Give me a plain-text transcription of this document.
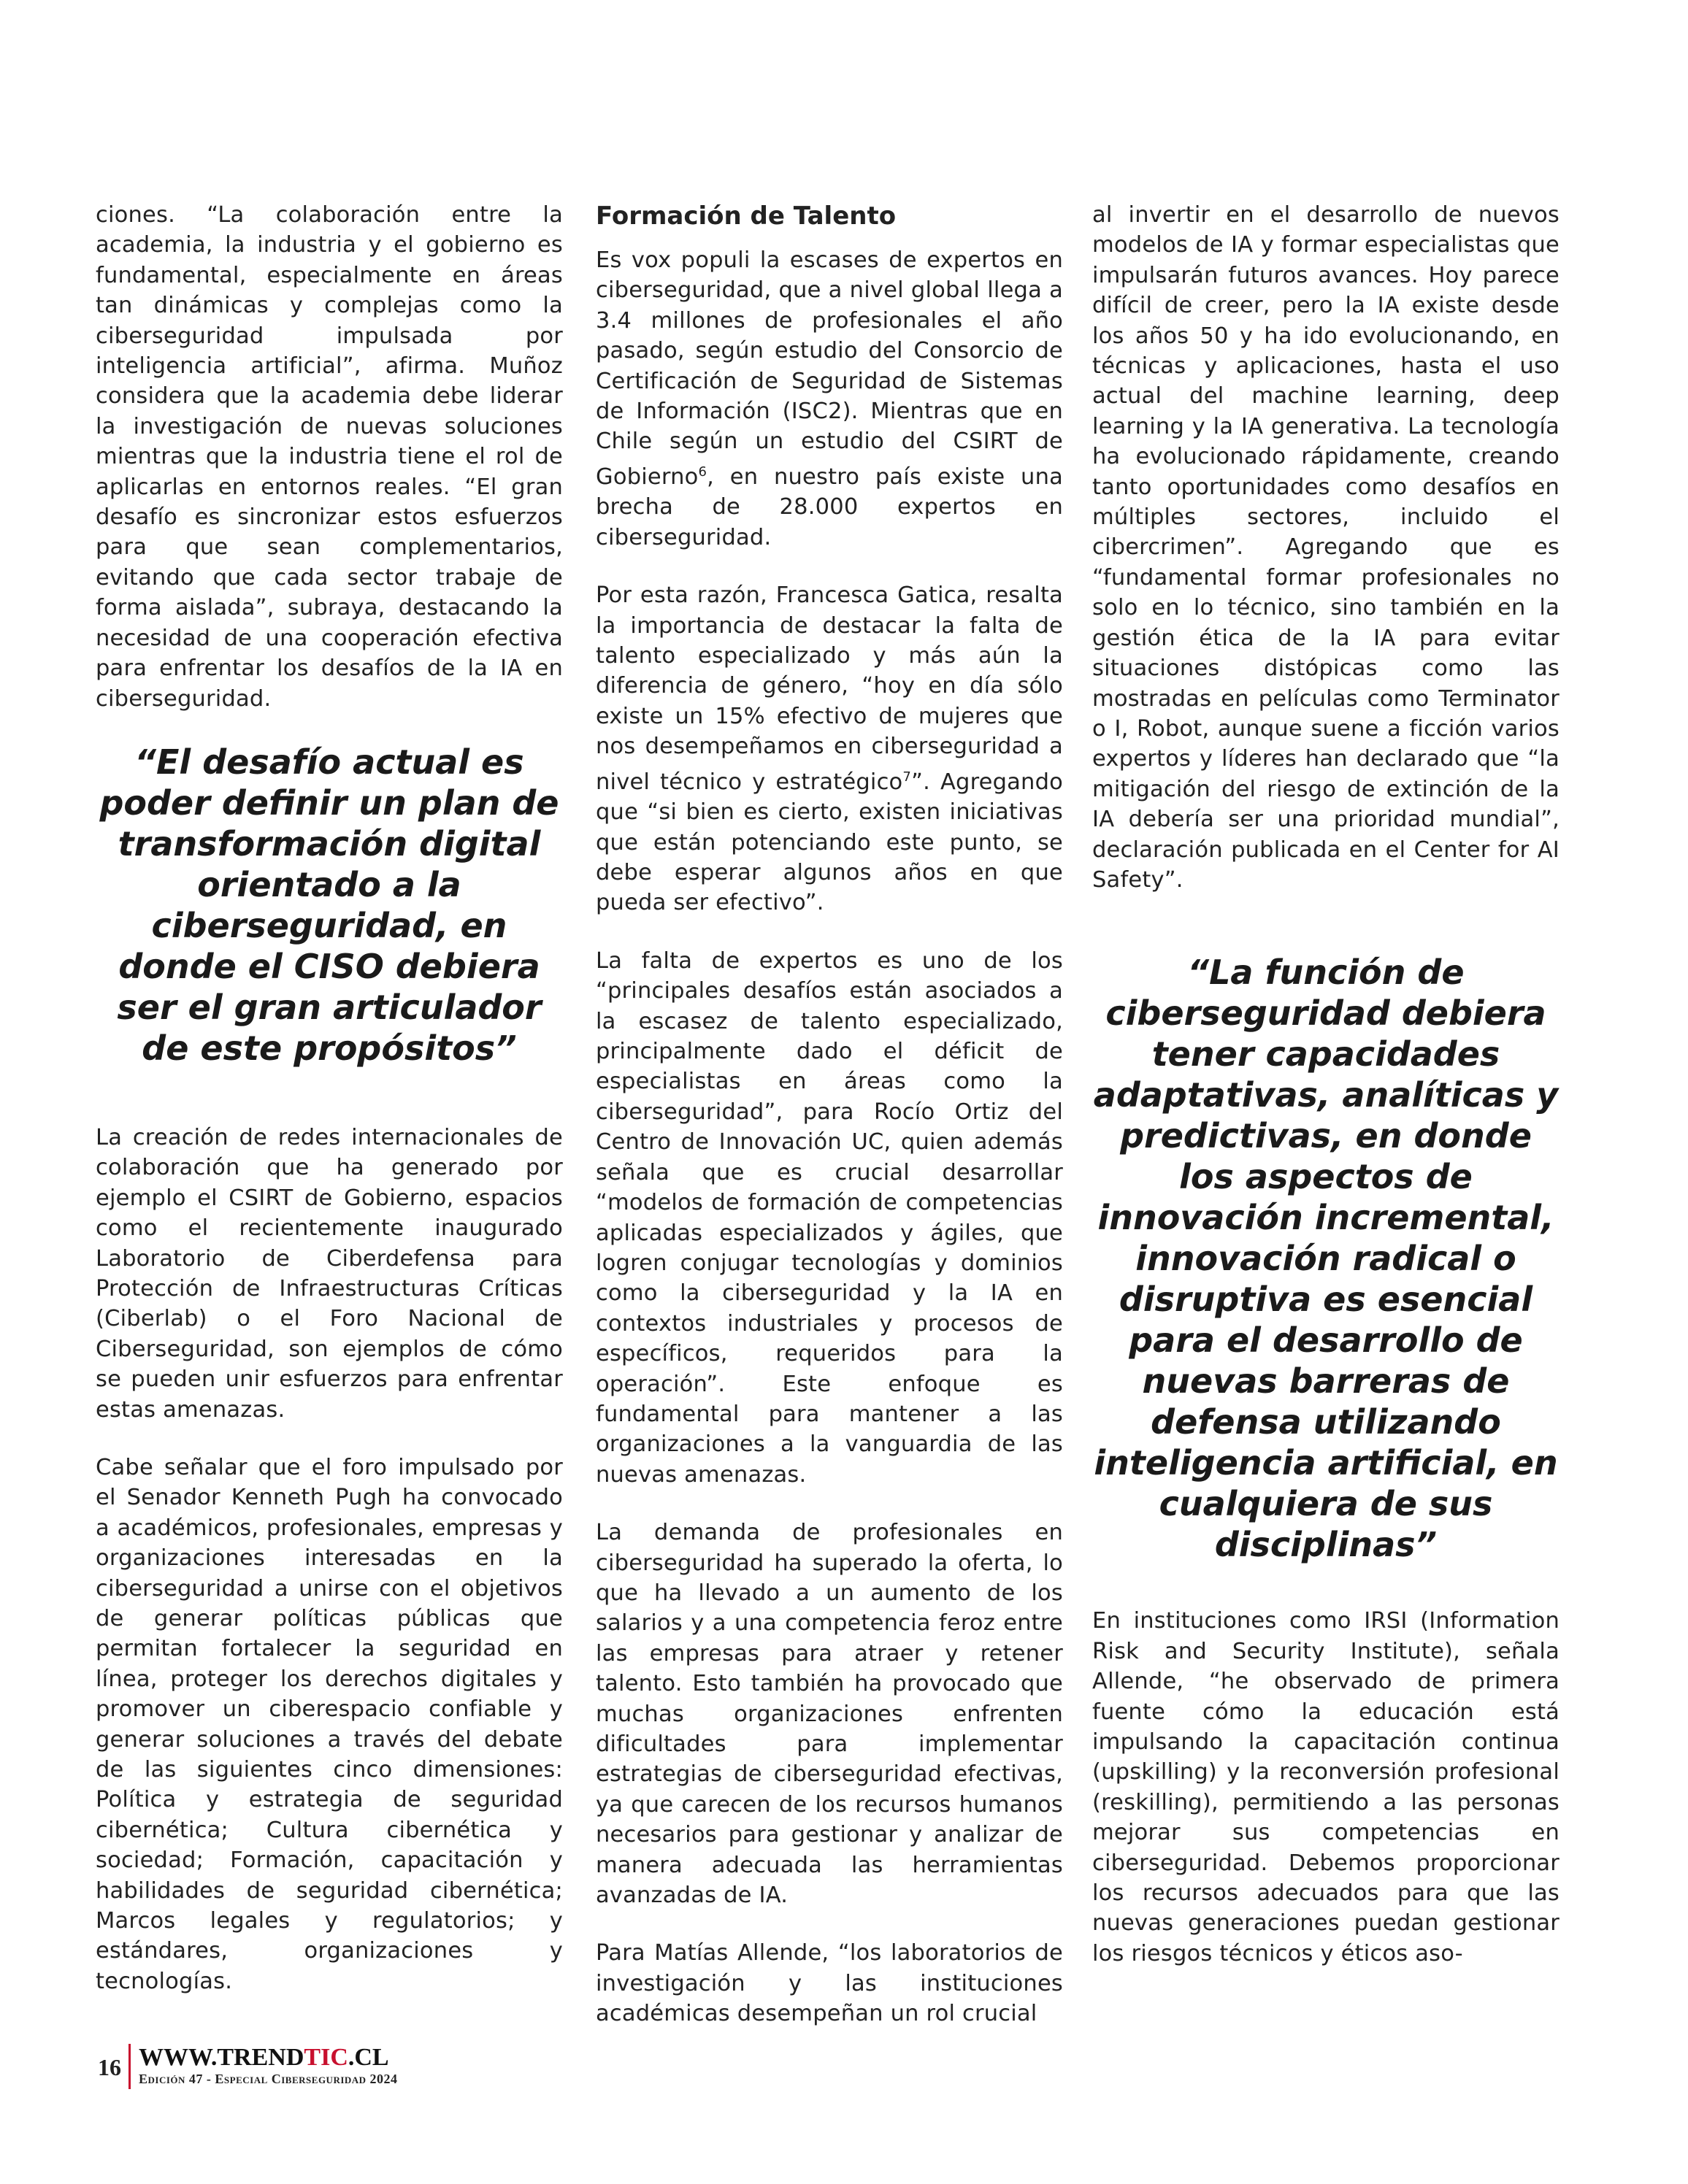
ciones. “La colaboración entre la academia, la industria y el gobierno es fundamental, especialmente en áreas tan dinámicas y complejas como la ciberseguridad impulsada por inteligencia artificial”, afirma. Muñoz considera que la academia debe liderar la investigación de nuevas soluciones mientras que la industria tiene el rol de aplicarlas en entornos reales. “El gran desafío es sincronizar estos esfuerzos para que sean complementarios, evitando que cada sector trabaje de forma aislada”, subraya, destacando la necesidad de una cooperación efectiva para enfrentar los desafíos de la IA en ciberseguridad.

“El desafío actual es poder definir un plan de transformación digital orientado a la ciberseguridad, en donde el CISO debiera ser el gran articulador de este propósitos”

La creación de redes internacionales de colaboración que ha generado por ejemplo el CSIRT de Gobierno, espacios como el recientemente inaugurado Laboratorio de Ciberdefensa para Protección de Infraestructuras Críticas (Ciberlab) o el Foro Nacional de Ciberseguridad, son ejemplos de cómo se pueden unir esfuerzos para enfrentar estas amenazas.

Cabe señalar que el foro impulsado por el Senador Kenneth Pugh ha convocado a académicos, profesionales, empresas y organizaciones interesadas en la ciberseguridad a unirse con el objetivos de generar políticas públicas que permitan fortalecer la seguridad en línea, proteger los derechos digitales y promover un ciberespacio confiable y generar soluciones a través del debate de las siguientes cinco dimensiones: Política y estrategia de seguridad cibernética; Cultura cibernética y sociedad; Formación, capacitación y habilidades de seguridad cibernética; Marcos legales y regulatorios; y estándares, organizaciones y tecnologías.

Formación de Talento

Es vox populi la escases de expertos en ciberseguridad, que a nivel global llega a 3.4 millones de profesionales el año pasado, según estudio del Consorcio de Certificación de Seguridad de Sistemas de Información (ISC2). Mientras que en Chile según un estudio del CSIRT de Gobierno$^6$, en nuestro país existe una brecha de 28.000 expertos en ciberseguridad.

Por esta razón, Francesca Gatica, resalta la importancia de destacar la falta de talento especializado y más aún la diferencia de género, “hoy en día sólo existe un 15% efectivo de mujeres que nos desempeñamos en ciberseguridad a nivel técnico y estratégico$^7$”. Agregando que “si bien es cierto, existen iniciativas que están potenciando este punto, se debe esperar algunos años en que pueda ser efectivo”.

La falta de expertos es uno de los “principales desafíos están asociados a la escasez de talento especializado, principalmente dado el déficit de especialistas en áreas como la ciberseguridad”, para Rocío Ortiz del Centro de Innovación UC, quien además señala que es crucial desarrollar “modelos de formación de competencias aplicadas especializados y ágiles, que logren conjugar tecnologías y dominios como la ciberseguridad y la IA en contextos industriales y procesos de específicos, requeridos para la operación”. Este enfoque es fundamental para mantener a las organizaciones a la vanguardia de las nuevas amenazas.

La demanda de profesionales en ciberseguridad ha superado la oferta, lo que ha llevado a un aumento de los salarios y a una competencia feroz entre las empresas para atraer y retener talento. Esto también ha provocado que muchas organizaciones enfrenten dificultades para implementar estrategias de ciberseguridad efectivas, ya que carecen de los recursos humanos necesarios para gestionar y analizar de manera adecuada las herramientas avanzadas de IA.

Para Matías Allende, “los laboratorios de investigación y las instituciones académicas desempeñan un rol crucial

al invertir en el desarrollo de nuevos modelos de IA y formar especialistas que impulsarán futuros avances. Hoy parece difícil de creer, pero la IA existe desde los años 50 y ha ido evolucionando, en técnicas y aplicaciones, hasta el uso actual del machine learning, deep learning y la IA generativa. La tecnología ha evolucionado rápidamente, creando tanto oportunidades como desafíos en múltiples sectores, incluido el cibercrimen”. Agregando que es “fundamental formar profesionales no solo en lo técnico, sino también en la gestión ética de la IA para evitar situaciones distópicas como las mostradas en películas como Terminator o I, Robot, aunque suene a ficción varios expertos y líderes han declarado que “la mitigación del riesgo de extinción de la IA debería ser una prioridad mundial”, declaración publicada en el Center for AI Safety”.

“La función de ciberseguridad debiera tener capacidades adaptativas, analíticas y predictivas, en donde los aspectos de innovación incremental, innovación radical o disruptiva es esencial para el desarrollo de nuevas barreras de defensa utilizando inteligencia artificial, en cualquiera de sus disciplinas”

En instituciones como IRSI (Information Risk and Security Institute), señala Allende, “he observado de primera fuente cómo la educación está impulsando la capacitación continua (upskilling) y la reconversión profesional (reskilling), permitiendo a las personas mejorar sus competencias en ciberseguridad. Debemos proporcionar los recursos adecuados para que las nuevas generaciones puedan gestionar los riesgos técnicos y éticos aso-

16 WWW.TRENDTIC.CL
Edición 47 - Especial Ciberseguridad 2024
